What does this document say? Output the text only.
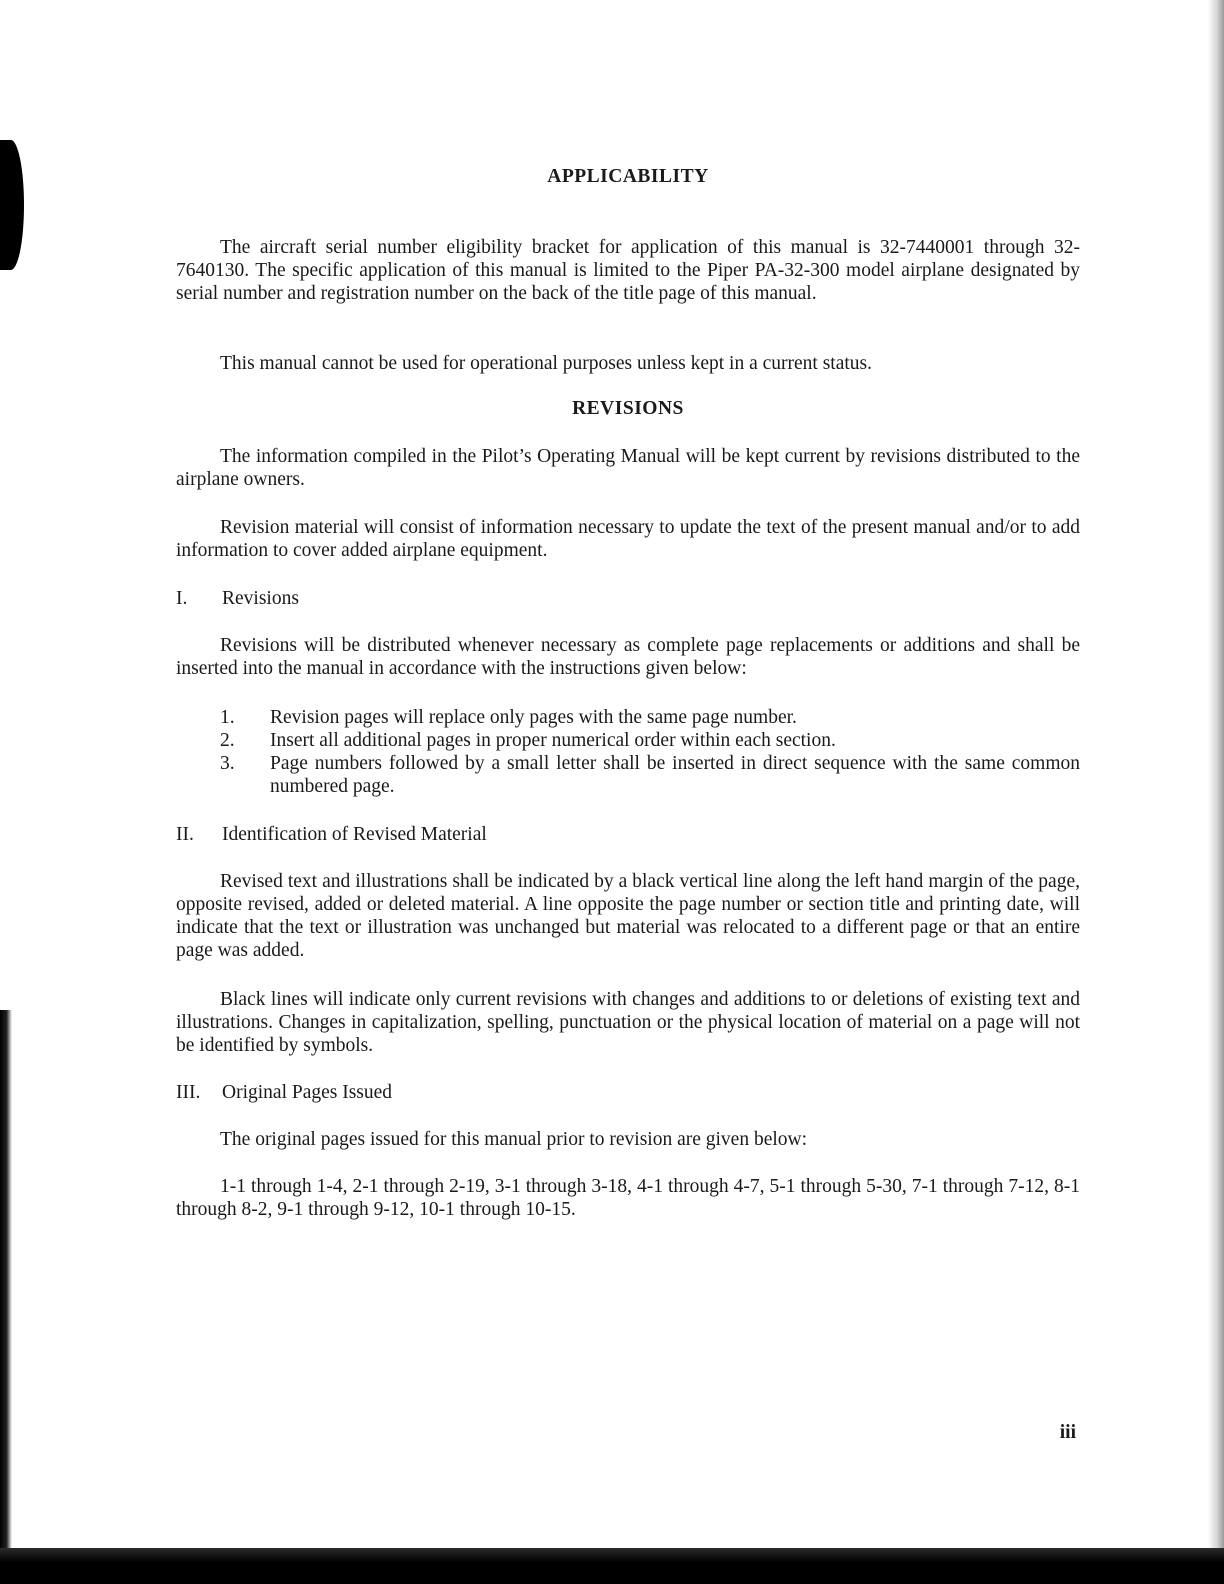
APPLICABILITY

The aircraft serial number eligibility bracket for application of this manual is 32-7440001 through 32-7640130. The specific application of this manual is limited to the Piper PA-32-300 model airplane designated by serial number and registration number on the back of the title page of this manual.

This manual cannot be used for operational purposes unless kept in a current status.

REVISIONS

The information compiled in the Pilot’s Operating Manual will be kept current by revisions distributed to the airplane owners.

Revision material will consist of information necessary to update the text of the present manual and/or to add information to cover added airplane equipment.

I. Revisions

Revisions will be distributed whenever necessary as complete page replacements or additions and shall be inserted into the manual in accordance with the instructions given below:

1. Revision pages will replace only pages with the same page number.
2. Insert all additional pages in proper numerical order within each section.
3. Page numbers followed by a small letter shall be inserted in direct sequence with the same common numbered page.
II. Identification of Revised Material

Revised text and illustrations shall be indicated by a black vertical line along the left hand margin of the page, opposite revised, added or deleted material. A line opposite the page number or section title and printing date, will indicate that the text or illustration was unchanged but material was relocated to a different page or that an entire page was added.

Black lines will indicate only current revisions with changes and additions to or deletions of existing text and illustrations. Changes in capitalization, spelling, punctuation or the physical location of material on a page will not be identified by symbols.

III. Original Pages Issued

The original pages issued for this manual prior to revision are given below:

1-1 through 1-4, 2-1 through 2-19, 3-1 through 3-18, 4-1 through 4-7, 5-1 through 5-30, 7-1 through 7-12, 8-1 through 8-2, 9-1 through 9-12, 10-1 through 10-15.

iii
